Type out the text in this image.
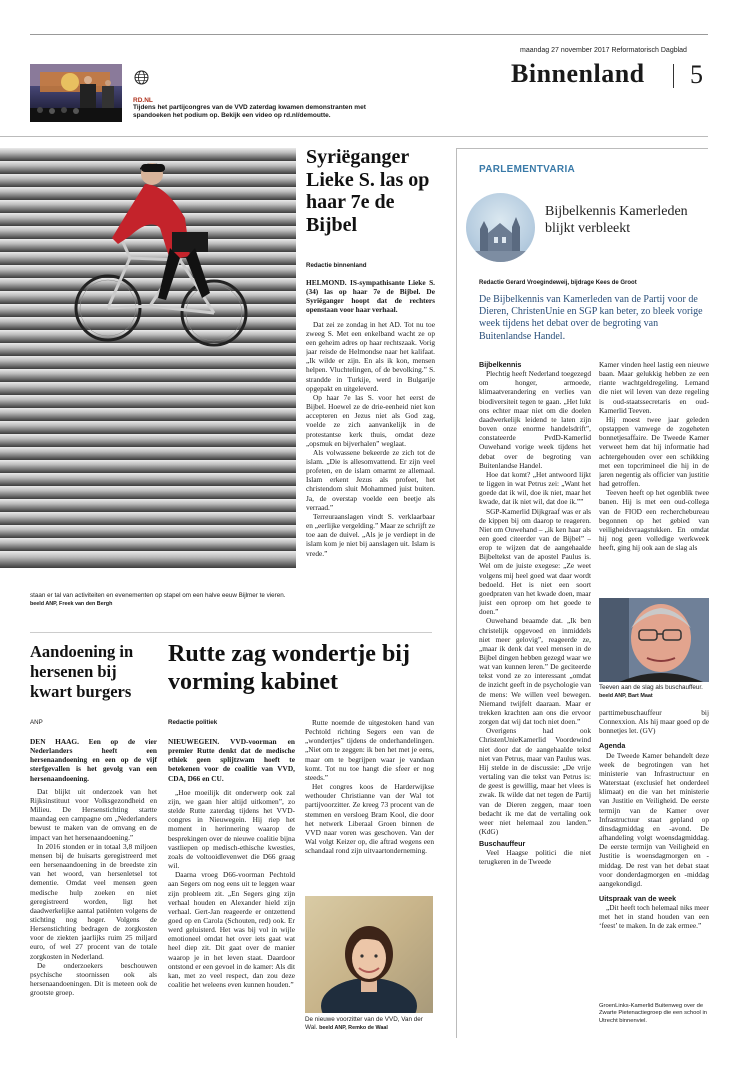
maandag 27 november 2017 Reformatorisch Dagblad
Binnenland 5
RD.NL
Tijdens het partijcongres van de VVD zaterdag kwamen demonstranten met spandoeken het podium op. Bekijk een video op rd.nl/demoutte.
staan er tal van activiteiten en evenementen op stapel om een halve eeuw Bijlmer te vieren. beeld ANP, Freek van den Bergh
Syriëganger Lieke S. las op haar 7e de Bijbel
Redactie binnenland

HELMOND. IS-sympathisante Lieke S. (34) las op haar 7e de Bijbel. De Syriëganger hoopt dat de rechters openstaan voor haar verhaal.

Dat zei ze zondag in het AD. Tot nu toe zweeg S. Met een enkelband wacht ze op een geheim adres op haar rechtszaak. Vorig jaar reisde de Helmondse naar het kalifaat. „Ik wilde er zijn. En als ik kon, mensen helpen. Vluchtelingen, of de bevolking.” S. strandde in Turkije, werd in Bulgarije opgepakt en uitgeleverd.

Op haar 7e las S. voor het eerst de Bijbel. Hoewel ze de drie-eenheid niet kon accepteren en Jezus niet als God zag, voelde ze zich aanvankelijk in de protestantse kerk thuis, omdat deze „opsmuk en bijverhalen” weglaat.

Als volwassene bekeerde ze zich tot de islam. „Die is allesomvattend. Er zijn veel profeten, en de islam omarmt ze allemaal. Islam erkent Jezus als profeet, het christendom sluit Mohammed juist buiten. Ja, de overstap voelde een beetje als verraad.”

Terreuraanslagen vindt S. verklaarbaar en „eerlijke vergelding.” Maar ze schrijft ze toe aan de duivel. „Als je je verdiept in de islam kom je niet bij aanslagen uit. Islam is vrede.”

Aandoening in hersenen bij kwart burgers
ANP

DEN HAAG. Een op de vier Nederlanders heeft een hersenaandoening en een op de vijf sterfgevallen is het gevolg van een hersenaandoening.

Dat blijkt uit onderzoek van het Rijksinstituut voor Volksgezondheid en Milieu. De Hersenstichting startte maandag een campagne om „Nederlanders bewust te maken van de omvang en de impact van het hersenaandoening.”

In 2016 stonden er in totaal 3,8 miljoen mensen bij de huisarts geregistreerd met een hersenaandoening in de breedste zin van het woord, van hersenletsel tot dementie. Omdat veel mensen geen medische hulp zoeken en niet geregistreerd worden, ligt het daadwerkelijke aantal patiënten volgens de stichting nog hoger. Volgens de Hersenstichting bedragen de zorgkosten voor de ziekten jaarlijks ruim 25 miljard euro, of wel 27 procent van de totale zorgkosten in Nederland.

De onderzoekers beschouwen psychische stoornissen ook als hersenaandoeningen. Dit is meteen ook de grootste groep.

Rutte zag wondertje bij vorming kabinet
Redactie politiek

NIEUWEGEIN. VVD-voorman en premier Rutte denkt dat de medische ethiek geen splijtzwam hoeft te betekenen voor de coalitie van VVD, CDA, D66 en CU.

„Hoe moeilijk dit onderwerp ook zal zijn, we gaan hier altijd uitkomen”, zo stelde Rutte zaterdag tijdens het VVD-congres in Nieuwegein. Hij riep het moment in herinnering waarop de besprekingen over de nieuwe coalitie bijna vastliepen op medisch-ethische kwesties, zoals de voltooidlevenwet die D66 graag wil.

Daarna vroeg D66-voorman Pechtold aan Segers om nog eens uit te leggen waar zijn probleem zit. „En Segers ging zijn verhaal houden en Alexander hield zijn verhaal. Gert-Jan reageerde er ontzettend goed op en Carola (Schouten, red) ook. Er werd geluisterd. Het was bij vol in wijle emotioneel omdat het over iets gaat wat heel diep zit. Dit gaat over de manier waarop je in het leven staat. Daardoor ontstond er een gevoel in de kamer: Als dit kan, met zo veel respect, dan zou deze coalitie het weleens even kunnen houden.”

Rutte noemde de uitgestoken hand van Pechtold richting Segers een van de „wondertjes” tijdens de onderhandelingen. „Niet om te zeggen: ik ben het met je eens, maar om te begrijpen waar je vandaan komt. Tot nu toe hangt die sfeer er nog steeds.”

Het congres koos de Harderwijkse wethouder Christianne van der Wal tot partijvoorzitter. Ze kreeg 73 procent van de stemmen en versloeg Bram Kool, die door het netwerk Liberaal Groen binnen de VVD naar voren was geschoven. Van der Wal volgt Keizer op, die aftrad wegens een schandaal rond zijn uitvaartonderneming.

De nieuwe voorzitter van de VVD, Van der Wal. beeld ANP, Remko de Waal
PARLEMENTVARIA
Bijbelkennis Kamerleden blijkt verbleekt
Redactie Gerard Vroegindeweij, bijdrage Kees de Groot
De Bijbelkennis van Kamerleden van de Partij voor de Dieren, ChristenUnie en SGP kan beter, zo bleek vorige week tijdens het debat over de begroting van Buitenlandse Handel.
Bijbelkennis

Plechtig heeft Nederland toegezegd om honger, armoede, klimaatverandering en verlies van biodiversiteit tegen te gaan. „Het lukt ons echter maar niet om die doelen daadwerkelijk leidend te laten zijn boven onze enorme handelsdrift”, constateerde PvdD-Kamerlid Ouwehand vorige week tijdens het debat over de begroting van Buitenlandse Handel.

Hoe dat komt? „Het antwoord lijkt te liggen in wat Petrus zei: „Want het goede dat ik wil, doe ik niet, maar het kwade, dat ik niet wil, dat doe ik.””

SGP-Kamerlid Dijkgraaf was er als de kippen bij om daarop te reageren. Niet om Ouwehand – „ik ken haar als een goed citeerder van de Bijbel” – erop te wijzen dat de aangehaalde Bijbeltekst van de apostel Paulus is. Wel om de juiste exegese: „Ze weet volgens mij heel goed wat daar wordt bedoeld. Het is niet een soort goedpraten van het kwade doen, maar juist een oproep om het goede te doen.”

Ouwehand beaamde dat. „Ik ben christelijk opgevoed en inmiddels niet meer gelovig”, reageerde ze, „maar ik denk dat veel mensen in de Bijbel dingen hebben gezegd waar we wat van kunnen leren.” De geciteerde tekst vond ze zo interessant „omdat de inzicht geeft in de psychologie van de mens: We willen veel bewegen. Niemand twijfelt daaraan. Maar er trekken krachten aan ons die ervoor zorgen dat wij dat toch niet doen.”

Overigens had ook ChristenUnieKamerlid Voordewind niet door dat de aangehaalde tekst niet van Petrus, maar van Paulus was. Hij stelde in de discussie: „De vrije vertaling van die tekst van Petrus is: de geest is gewillig, maar het vlees is zwak. Ik wilde dat net tegen de Partij van de Dieren zeggen, maar toen bedacht ik me dat de vertaling ook weer niet helemaal zou landen.” (KdG)

Buschauffeur

Veel Haagse politici die niet terugkeren in de Tweede

Kamer vinden heel lastig een nieuwe baan. Maar gelukkig hebben ze een riante wachtgeldregeling. Lemand die niet wil leven van deze regeling is oud-staatssecretaris en oud-Kamerlid Teeven.

Hij moest twee jaar geleden opstappen vanwege de zogeheten bonnetjesaffaire. De Tweede Kamer verweet hem dat hij informatie had achtergehouden over een schikking met een topcrimineel die hij in de jaren negentig als officier van justitie had getroffen.

Teeven heeft op het ogenblik twee banen. Hij is met een oud-collega van de FIOD een recherchebureau begonnen op het gebied van veiligheidsvraagstukken. En omdat hij nog geen volledige werkweek heeft, ging hij ook aan de slag als

Teeven aan de slag als buschauffeur. beeld ANP, Bart Maat

parttimebuschauffeur bij Connexxion. Als hij maar goed op de bonnetjes let. (GV)

Agenda

De Tweede Kamer behandelt deze week de begrotingen van het ministerie van Infrastructuur en Waterstaat (exclusief het onderdeel klimaat) en die van het ministerie van Justitie en Veiligheid. De eerste termijn van de Kamer over Infrastructuur staat gepland op dinsdagmiddag en -avond. De afhandeling volgt woensdagmiddag. De eerste termijn van Veiligheid en Justitie is woensdagmorgen en -middag. De rest van het debat staat voor donderdagmorgen en -middag aangekondigd.

Uitspraak van de week

„Dit heeft toch helemaal niks meer met het in stand houden van een ‘feest’ te maken. In de zak ermee.”

GroenLinks-Kamerlid Buitenweg over de Zwarte Pietenactiegroep die een school in Utrecht binnenviel.
